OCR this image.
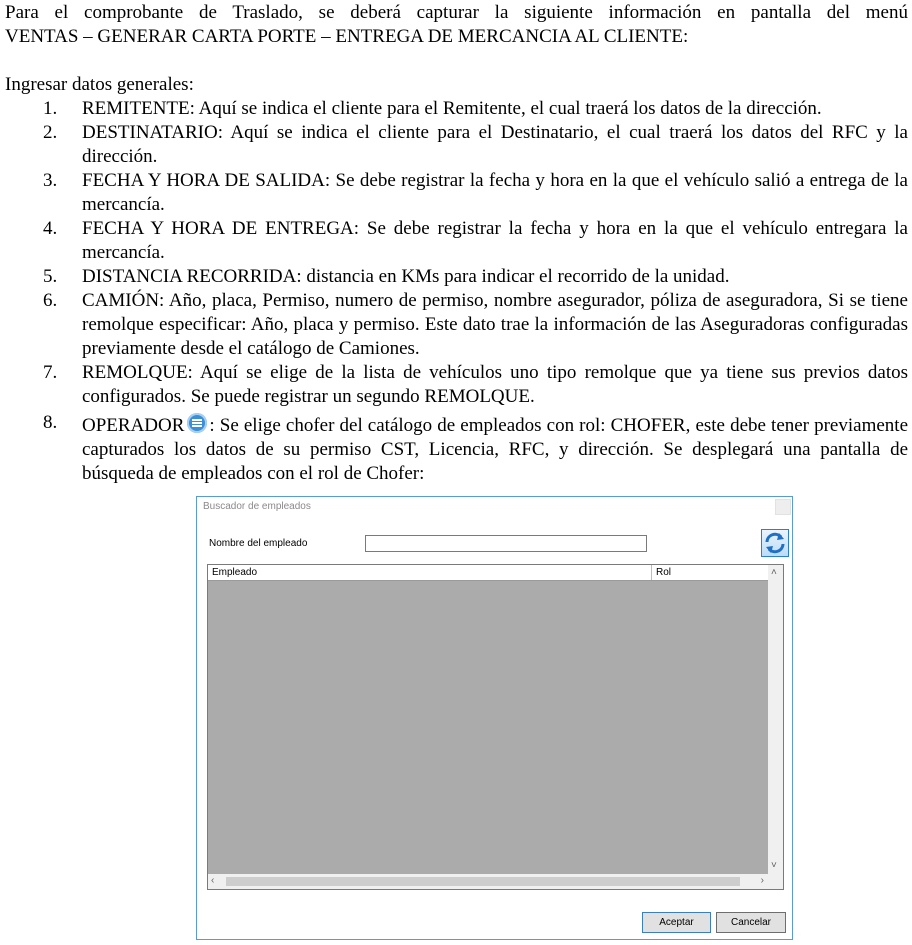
Para el comprobante de Traslado, se deberá capturar la siguiente información en pantalla del menú

VENTAS – GENERAR CARTA PORTE – ENTREGA DE MERCANCIA AL CLIENTE:

Ingresar datos generales:

1. REMITENTE: Aquí se indica el cliente para el Remitente, el cual traerá los datos de la dirección.

2. DESTINATARIO: Aquí se indica el cliente para el Destinatario, el cual traerá los datos del RFC y la dirección.

3. FECHA Y HORA DE SALIDA: Se debe registrar la fecha y hora en la que el vehículo salió a entrega de la mercancía.

4. FECHA Y HORA DE ENTREGA: Se debe registrar la fecha y hora en la que el vehículo entregara la mercancía.

5. DISTANCIA RECORRIDA: distancia en KMs para indicar el recorrido de la unidad.

6. CAMIÓN: Año, placa, Permiso, numero de permiso, nombre asegurador, póliza de aseguradora, Si se tiene remolque especificar: Año, placa y permiso. Este dato trae la información de las Aseguradoras configuradas previamente desde el catálogo de Camiones.

7. REMOLQUE: Aquí se elige de la lista de vehículos uno tipo remolque que ya tiene sus previos datos configurados. Se puede registrar un segundo REMOLQUE.

8. OPERADOR : Se elige chofer del catálogo de empleados con rol: CHOFER, este debe tener previamente capturados los datos de su permiso CST, Licencia, RFC, y dirección. Se desplegará una pantalla de búsqueda de empleados con el rol de Chofer:

Buscador de empleados
Nombre del empleado
Empleado	Rol	˄
˅
‹	›
Aceptar	Cancelar
